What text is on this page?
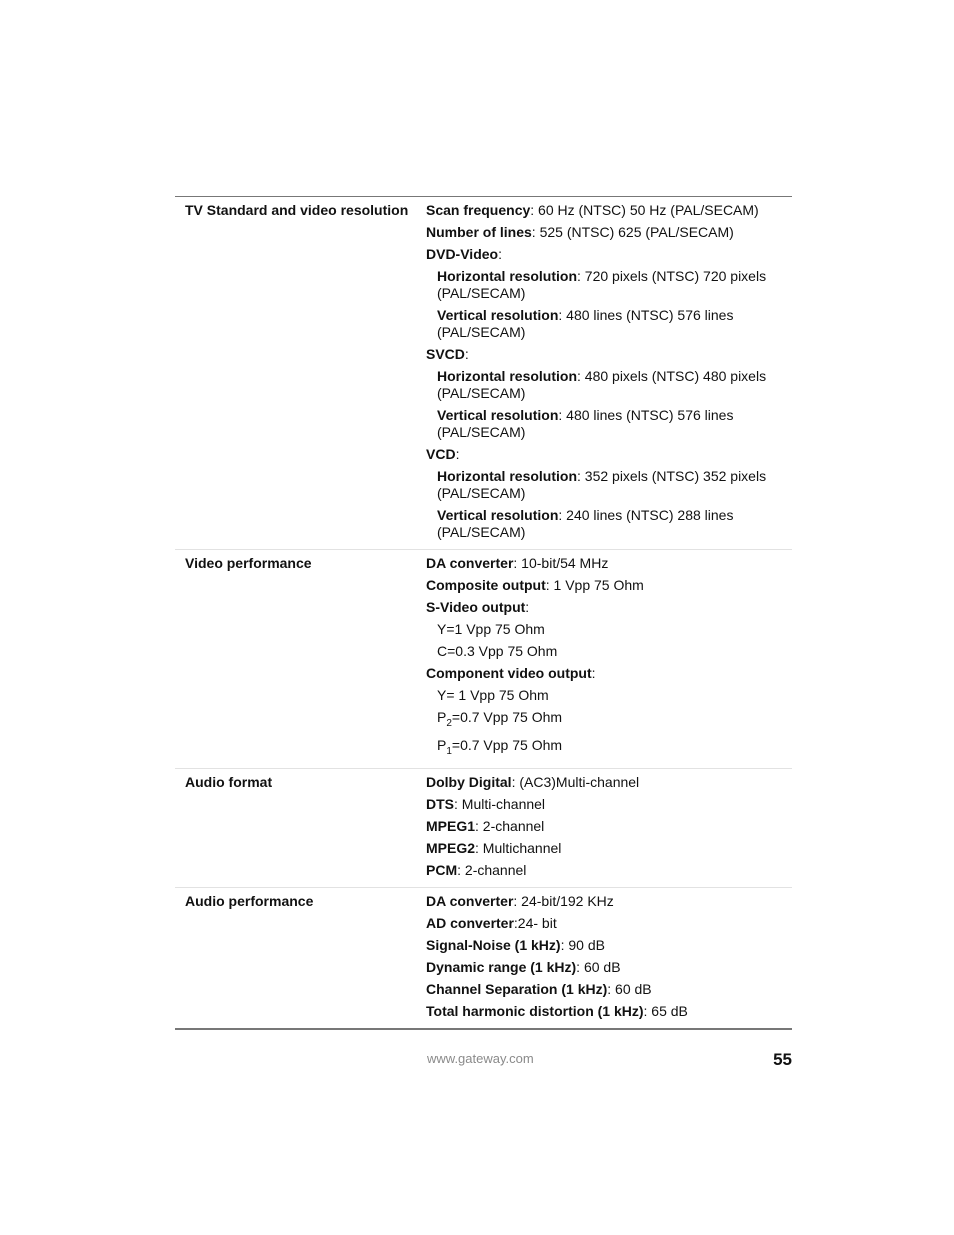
TV Standard and video resolution	Scan frequency: 60 Hz (NTSC) 50 Hz (PAL/SECAM)
Number of lines: 525 (NTSC) 625 (PAL/SECAM)
DVD-Video:
Horizontal resolution: 720 pixels (NTSC) 720 pixels (PAL/SECAM)
Vertical resolution: 480 lines (NTSC) 576 lines (PAL/SECAM)
SVCD:
Horizontal resolution: 480 pixels (NTSC) 480 pixels (PAL/SECAM)
Vertical resolution: 480 lines (NTSC) 576 lines (PAL/SECAM)
VCD:
Horizontal resolution: 352 pixels (NTSC) 352 pixels (PAL/SECAM)
Vertical resolution: 240 lines (NTSC) 288 lines (PAL/SECAM)
Video performance	DA converter: 10-bit/54 MHz
Composite output: 1 Vpp 75 Ohm
S-Video output:
Y=1 Vpp 75 Ohm
C=0.3 Vpp 75 Ohm
Component video output:
Y= 1 Vpp 75 Ohm
$P_2=0.7$ Vpp 75 Ohm
$P_1=0.7$ Vpp 75 Ohm
Audio format	Dolby Digital: (AC3)Multi-channel
DTS: Multi-channel
MPEG1: 2-channel
MPEG2: Multichannel
PCM: 2-channel
Audio performance	DA converter: 24-bit/192 KHz
AD converter:24- bit
Signal-Noise (1 kHz): 90 dB
Dynamic range (1 kHz): 60 dB
Channel Separation (1 kHz): 60 dB
Total harmonic distortion (1 kHz): 65 dB
www.gateway.com	55
